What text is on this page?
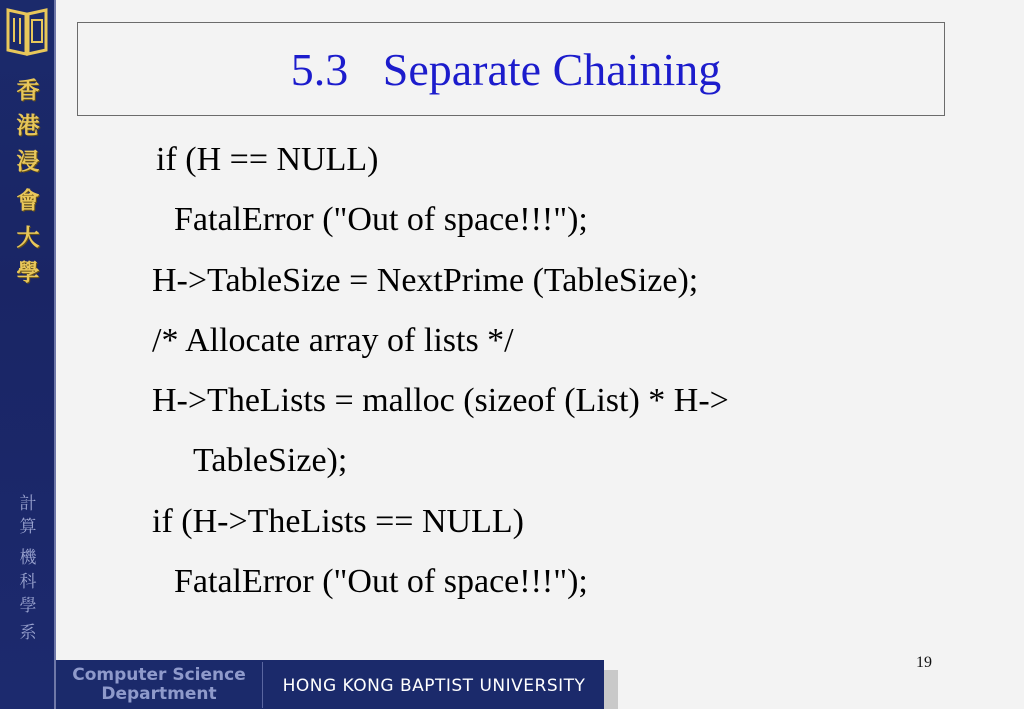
香
港
浸
會
大
學
計
算
機
科
學
系
Computer Science
Department	HONG KONG BAPTIST UNIVERSITY
5.3   Separate Chaining
if (H == NULL)
FatalError ("Out of space!!!");
H->TableSize = NextPrime (TableSize);
/* Allocate array of lists */
H->TheLists = malloc (sizeof (List) * H->
TableSize);
if (H->TheLists == NULL)
FatalError ("Out of space!!!");
19
